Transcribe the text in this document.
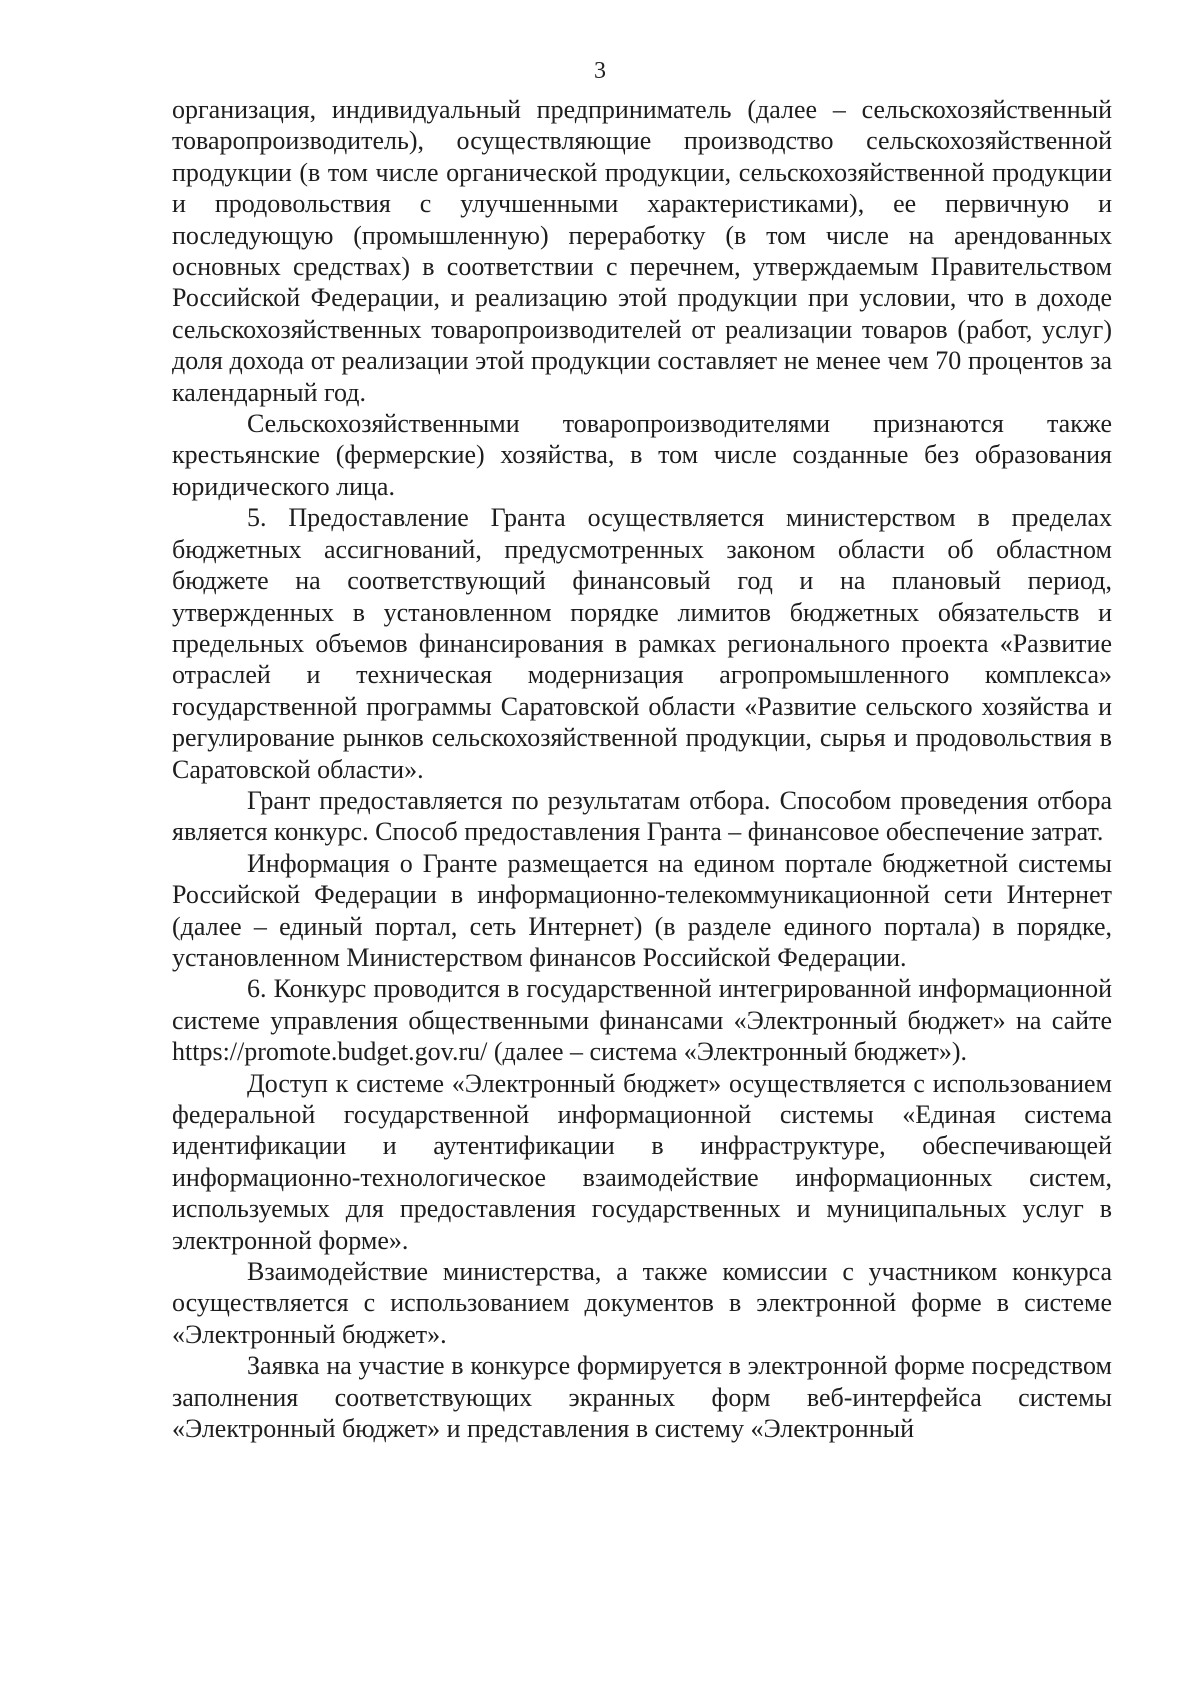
3

организация, индивидуальный предприниматель (далее – сельскохозяйственный товаропроизводитель), осуществляющие производство сельскохозяйственной продукции (в том числе органической продукции, сельскохозяйственной продукции и продовольствия с улучшенными характеристиками), ее первичную и последующую (промышленную) переработку (в том числе на арендованных основных средствах) в соответствии с перечнем, утверждаемым Правительством Российской Федерации, и реализацию этой продукции при условии, что в доходе сельскохозяйственных товаропроизводителей от реализации товаров (работ, услуг) доля дохода от реализации этой продукции составляет не менее чем 70 процентов за календарный год.

Сельскохозяйственными товаропроизводителями признаются также крестьянские (фермерские) хозяйства, в том числе созданные без образования юридического лица.

5. Предоставление Гранта осуществляется министерством в пределах бюджетных ассигнований, предусмотренных законом области об областном бюджете на соответствующий финансовый год и на плановый период, утвержденных в установленном порядке лимитов бюджетных обязательств и предельных объемов финансирования в рамках регионального проекта «Развитие отраслей и техническая модернизация агропромышленного комплекса» государственной программы Саратовской области «Развитие сельского хозяйства и регулирование рынков сельскохозяйственной продукции, сырья и продовольствия в Саратовской области».

Грант предоставляется по результатам отбора. Способом проведения отбора является конкурс. Способ предоставления Гранта – финансовое обеспечение затрат.

Информация о Гранте размещается на едином портале бюджетной системы Российской Федерации в информационно-телекоммуникационной сети Интернет (далее – единый портал, сеть Интернет) (в разделе единого портала) в порядке, установленном Министерством финансов Российской Федерации.

6. Конкурс проводится в государственной интегрированной информационной системе управления общественными финансами «Электронный бюджет» на сайте https://promote.budget.gov.ru/ (далее – система «Электронный бюджет»).

Доступ к системе «Электронный бюджет» осуществляется с использованием федеральной государственной информационной системы «Единая система идентификации и аутентификации в инфраструктуре, обеспечивающей информационно-технологическое взаимодействие информационных систем, используемых для предоставления государственных и муниципальных услуг в электронной форме».

Взаимодействие министерства, а также комиссии с участником конкурса осуществляется с использованием документов в электронной форме в системе «Электронный бюджет».

Заявка на участие в конкурсе формируется в электронной форме посредством заполнения соответствующих экранных форм веб-интерфейса системы «Электронный бюджет» и представления в систему «Электронный
